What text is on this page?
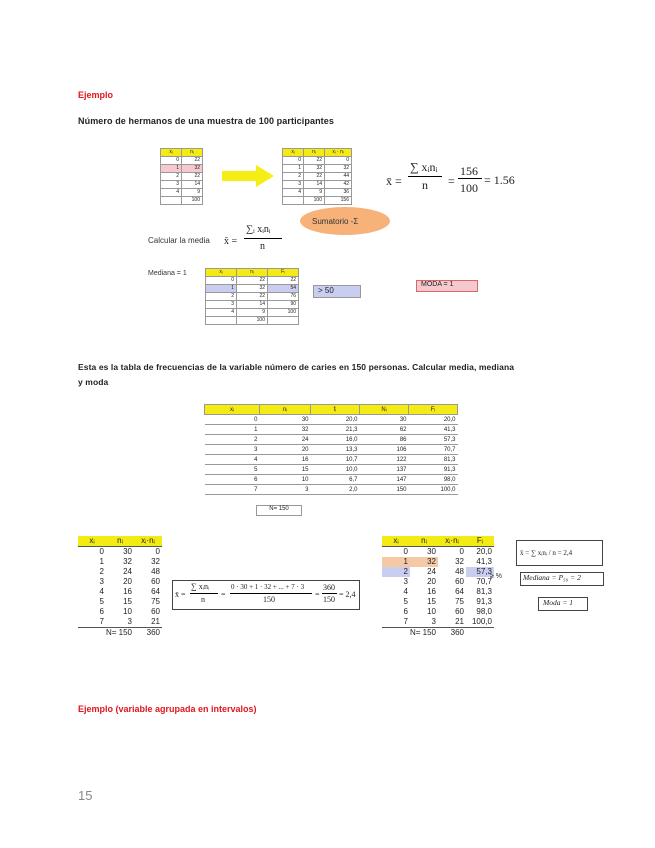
Ejemplo
Número de hermanos de una muestra de 100 participantes
xᵢ	nᵢ
0	22
1	32
2	22
3	14
4	9
	100
xᵢ	nᵢ	xᵢ · nᵢ
0	22	0
1	32	32
2	22	44
3	14	42
4	9	36
	100	156
Sumatorio -Σ
x̄ =
∑ xᵢnᵢ
n =
156
100
= 1.56
Calcular la media x̄ =
∑ᵢ xᵢnᵢ
n
Mediana = 1	xᵢ	nᵢ	Fᵢ
0	22	22
1	32	54
2	22	76
3	14	90
4	9	100
	100	
> 50
MODA = 1
Esta es la tabla de frecuencias de la variable número de caries en 150 personas. Calcular media, mediana
y moda
xᵢ	nᵢ	fᵢ	Nᵢ	Fᵢ
0	30	20,0	30	20,0
1	32	21,3	62	41,3
2	24	16,0	86	57,3
3	20	13,3	106	70,7
4	16	10,7	122	81,3
5	15	10,0	137	91,3
6	10	6,7	147	98,0
7	3	2,0	150	100,0
N= 150
xᵢ	nᵢ	xᵢ·nᵢ
0	30	0
1	32	32
2	24	48
3	20	60
4	16	64
5	15	75
6	10	60
7	3	21
N= 150		360
x̄ =
∑ xᵢnᵢ
n
=
0 · 30 + 1 · 32 + ... + 7 · 3
150
=
360
150
= 2,4
xᵢ	nᵢ	xᵢ·nᵢ	Fᵢ
0	30	0	20,0
1	32	32	41,3
2	24	48	57,3
3	20	60	70,7
4	16	64	81,3
5	15	75	91,3
6	10	60	98,0
7	3	21	100,0
N= 150		360	
≥ %
x̄ = ∑ xᵢnᵢ / n = 2,4
Mediana = P₅₀ = 2
Moda = 1
Ejemplo (variable agrupada en intervalos)
15
